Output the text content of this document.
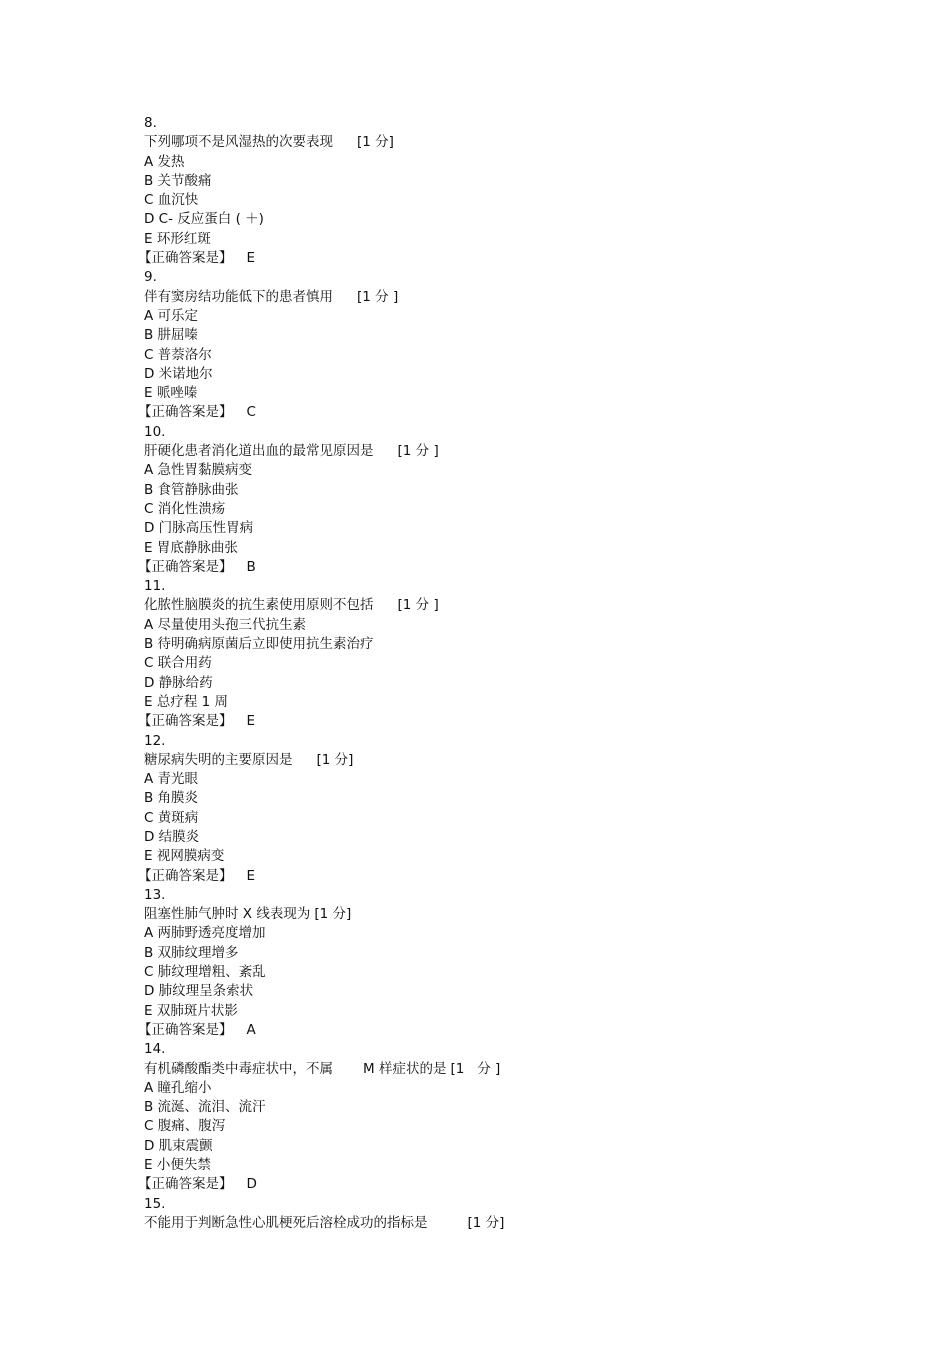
8.
下列哪项不是风湿热的次要表现 [1 分]
A 发热
B 关节酸痛
C 血沉快
D C- 反应蛋白 ( ＋)
E 环形红斑
【正确答案是】 E
9.
伴有窦房结功能低下的患者慎用 [1 分 ]
A 可乐定
B 肼屈嗪
C 普萘洛尔
D 米诺地尔
E 哌唑嗪
【正确答案是】 C
10.
肝硬化患者消化道出血的最常见原因是 [1 分 ]
A 急性胃黏膜病变
B 食管静脉曲张
C 消化性溃疡
D 门脉高压性胃病
E 胃底静脉曲张
【正确答案是】 B
11.
化脓性脑膜炎的抗生素使用原则不包括 [1 分 ]
A 尽量使用头孢三代抗生素
B 待明确病原菌后立即使用抗生素治疗
C 联合用药
D 静脉给药
E 总疗程 1 周
【正确答案是】 E
12.
糖尿病失明的主要原因是 [1 分]
A 青光眼
B 角膜炎
C 黄斑病
D 结膜炎
E 视网膜病变
【正确答案是】 E
13.
阻塞性肺气肿时 X 线表现为 [1 分]
A 两肺野透亮度增加
B 双肺纹理增多
C 肺纹理增粗、紊乱
D 肺纹理呈条索状
E 双肺斑片状影
【正确答案是】 A
14.
有机磷酸酯类中毒症状中，不属       M 样症状的是 [1   分 ]
A 瞳孔缩小
B 流涎、流泪、流汗
C 腹痛、腹泻
D 肌束震颤
E 小便失禁
【正确答案是】 D
15.
不能用于判断急性心肌梗死后溶栓成功的指标是	[1 分]
